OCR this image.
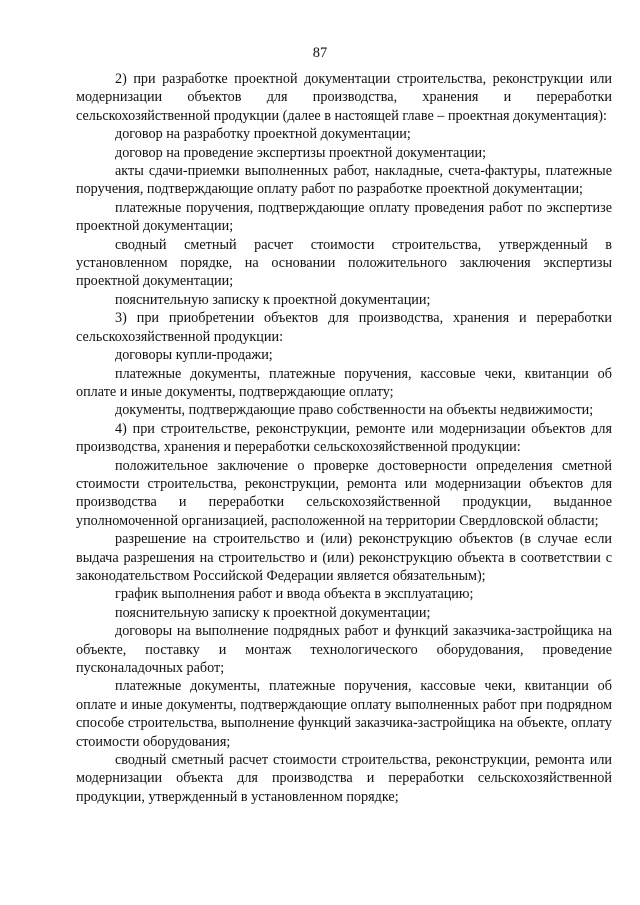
87

2) при разработке проектной документации строительства, реконструкции или модернизации объектов для производства, хранения и переработки сельскохозяйственной продукции (далее в настоящей главе – проектная документация):

договор на разработку проектной документации;

договор на проведение экспертизы проектной документации;

акты сдачи-приемки выполненных работ, накладные, счета-фактуры, платежные поручения, подтверждающие оплату работ по разработке проектной документации;

платежные поручения, подтверждающие оплату проведения работ по экспертизе проектной документации;

сводный сметный расчет стоимости строительства, утвержденный в установленном порядке, на основании положительного заключения экспертизы проектной документации;

пояснительную записку к проектной документации;

3) при приобретении объектов для производства, хранения и переработки сельскохозяйственной продукции:

договоры купли-продажи;

платежные документы, платежные поручения, кассовые чеки, квитанции об оплате и иные документы, подтверждающие оплату;

документы, подтверждающие право собственности на объекты недвижимости;

4) при строительстве, реконструкции, ремонте или модернизации объектов для производства, хранения и переработки сельскохозяйственной продукции:

положительное заключение о проверке достоверности определения сметной стоимости строительства, реконструкции, ремонта или модернизации объектов для производства и переработки сельскохозяйственной продукции, выданное уполномоченной организацией, расположенной на территории Свердловской области;

разрешение на строительство и (или) реконструкцию объектов (в случае если выдача разрешения на строительство и (или) реконструкцию объекта в соответствии с законодательством Российской Федерации является обязательным);

график выполнения работ и ввода объекта в эксплуатацию;

пояснительную записку к проектной документации;

договоры на выполнение подрядных работ и функций заказчика-застройщика на объекте, поставку и монтаж технологического оборудования, проведение пусконаладочных работ;

платежные документы, платежные поручения, кассовые чеки, квитанции об оплате и иные документы, подтверждающие оплату выполненных работ при подрядном способе строительства, выполнение функций заказчика-застройщика на объекте, оплату стоимости оборудования;

сводный сметный расчет стоимости строительства, реконструкции, ремонта или модернизации объекта для производства и переработки сельскохозяйственной продукции, утвержденный в установленном порядке;
